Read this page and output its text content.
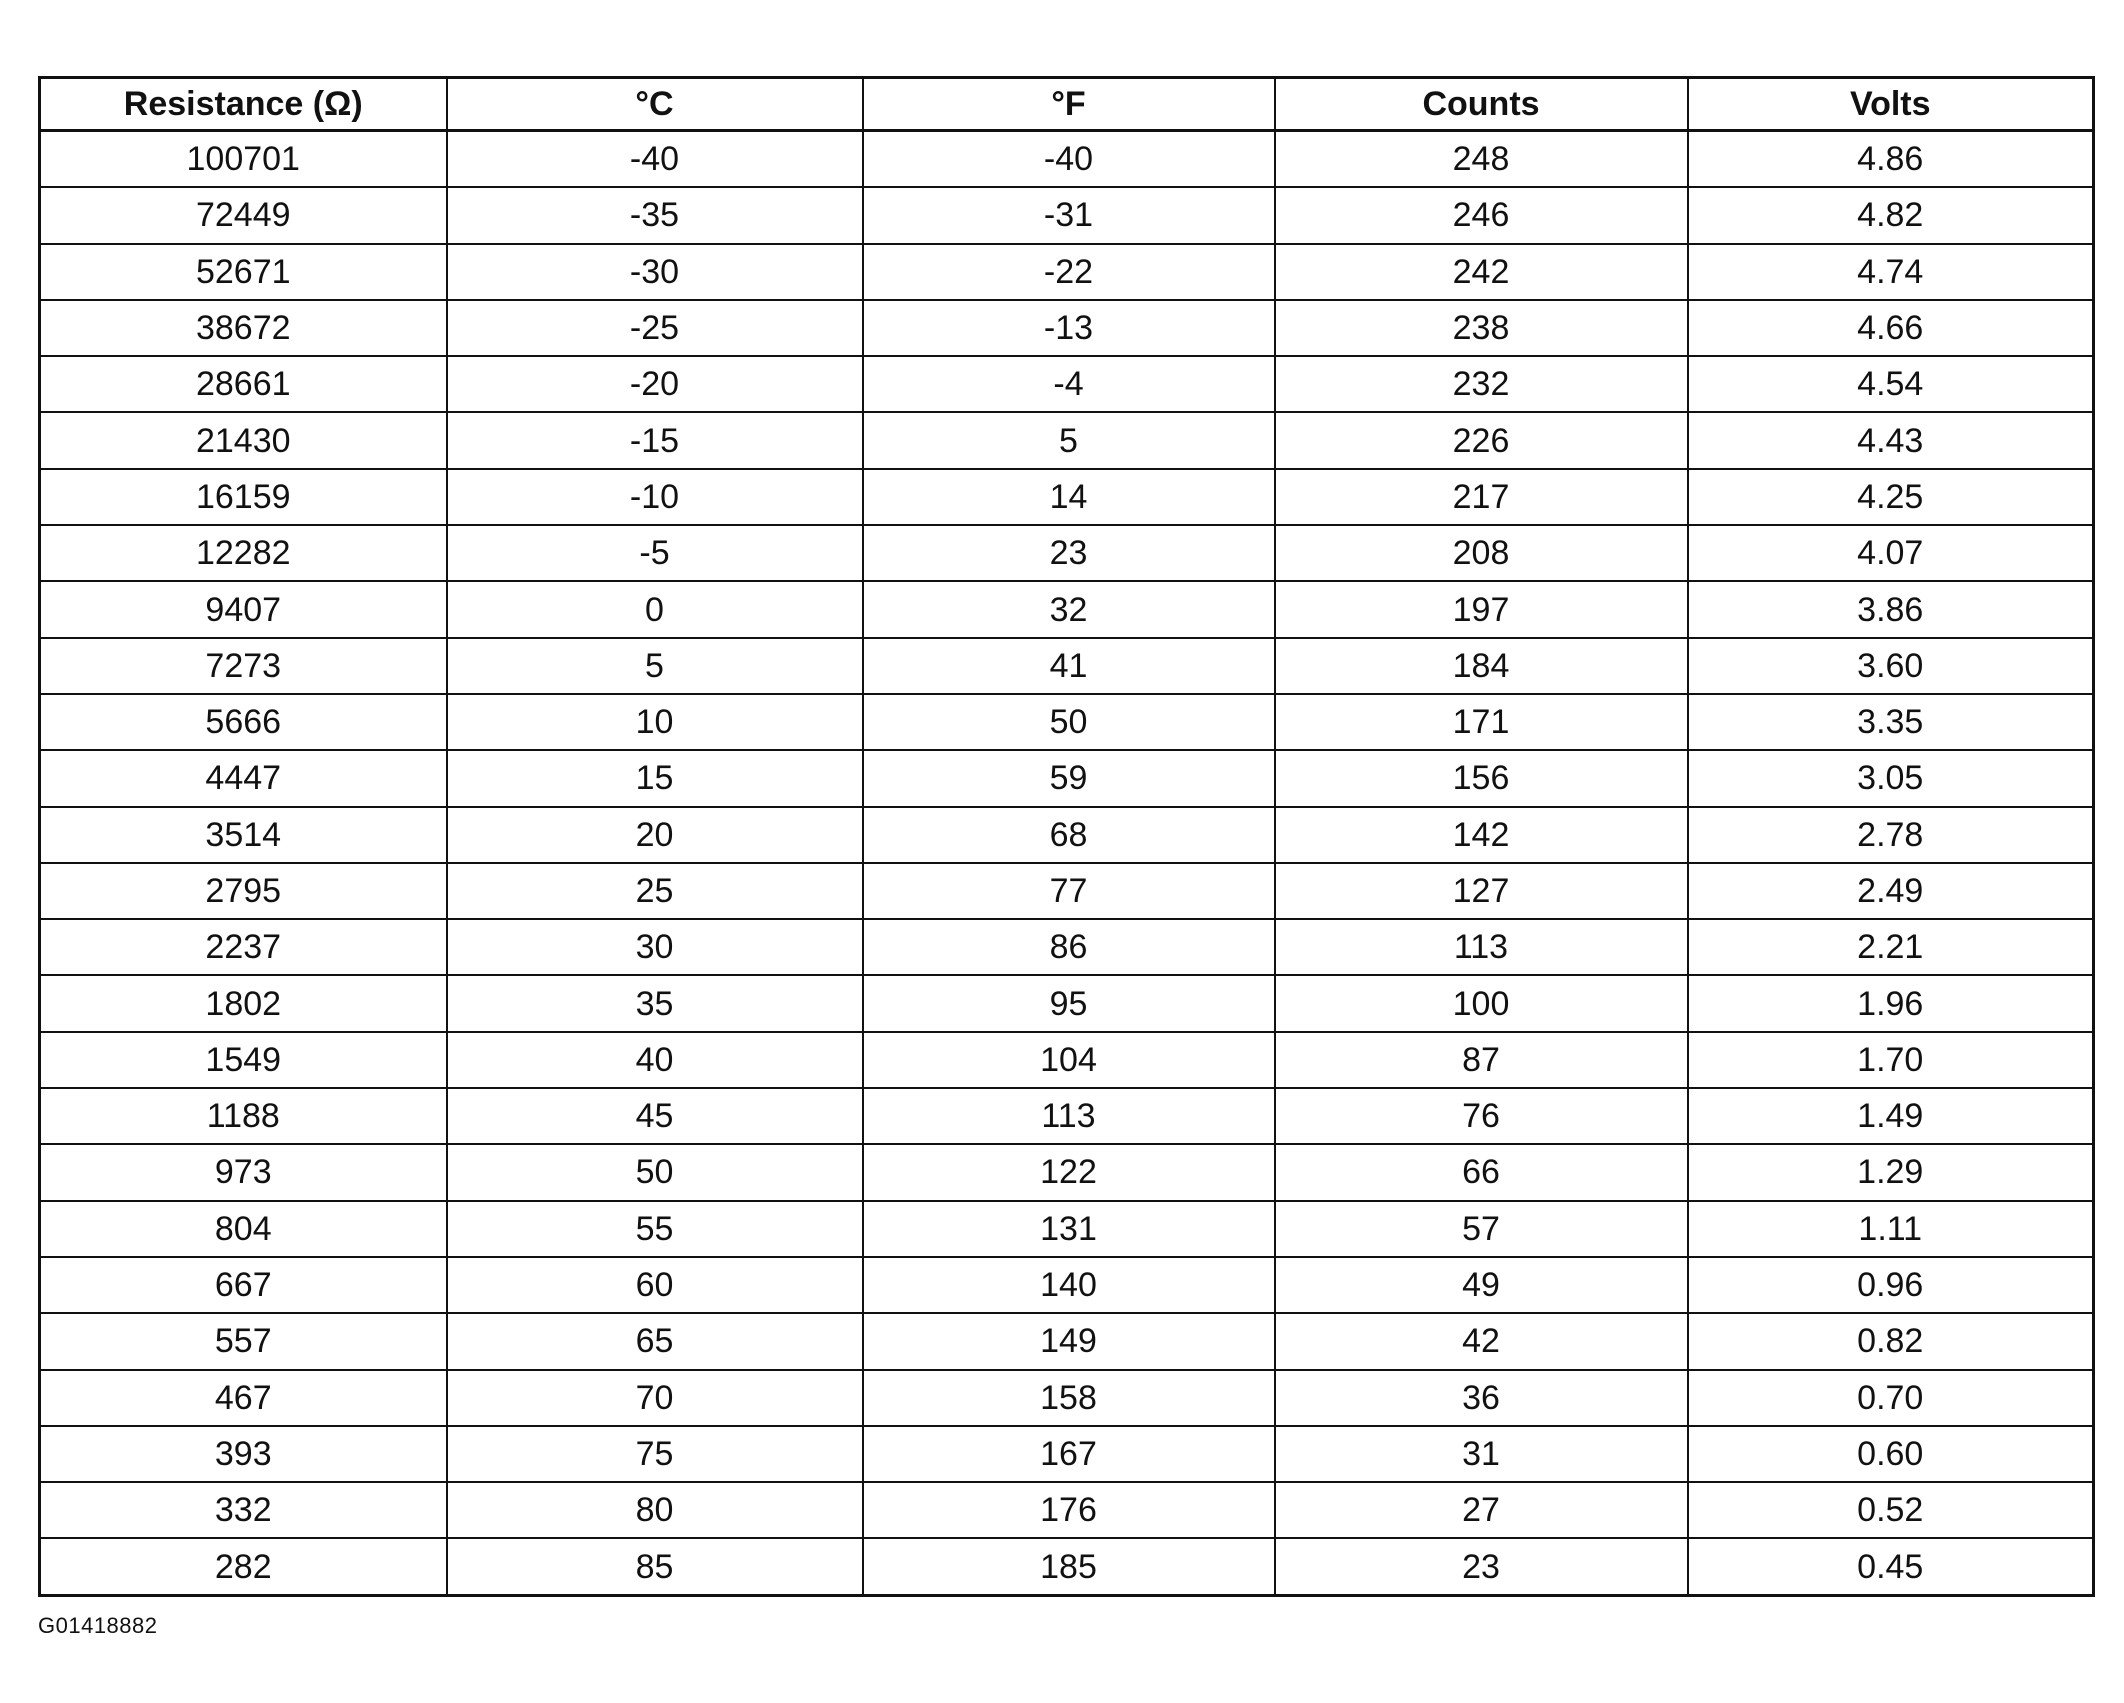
Resistance (Ω)	°C	°F	Counts	Volts
100701	-40	-40	248	4.86
72449	-35	-31	246	4.82
52671	-30	-22	242	4.74
38672	-25	-13	238	4.66
28661	-20	-4	232	4.54
21430	-15	5	226	4.43
16159	-10	14	217	4.25
12282	-5	23	208	4.07
9407	0	32	197	3.86
7273	5	41	184	3.60
5666	10	50	171	3.35
4447	15	59	156	3.05
3514	20	68	142	2.78
2795	25	77	127	2.49
2237	30	86	113	2.21
1802	35	95	100	1.96
1549	40	104	87	1.70
1188	45	113	76	1.49
973	50	122	66	1.29
804	55	131	57	1.11
667	60	140	49	0.96
557	65	149	42	0.82
467	70	158	36	0.70
393	75	167	31	0.60
332	80	176	27	0.52
282	85	185	23	0.45
G01418882
